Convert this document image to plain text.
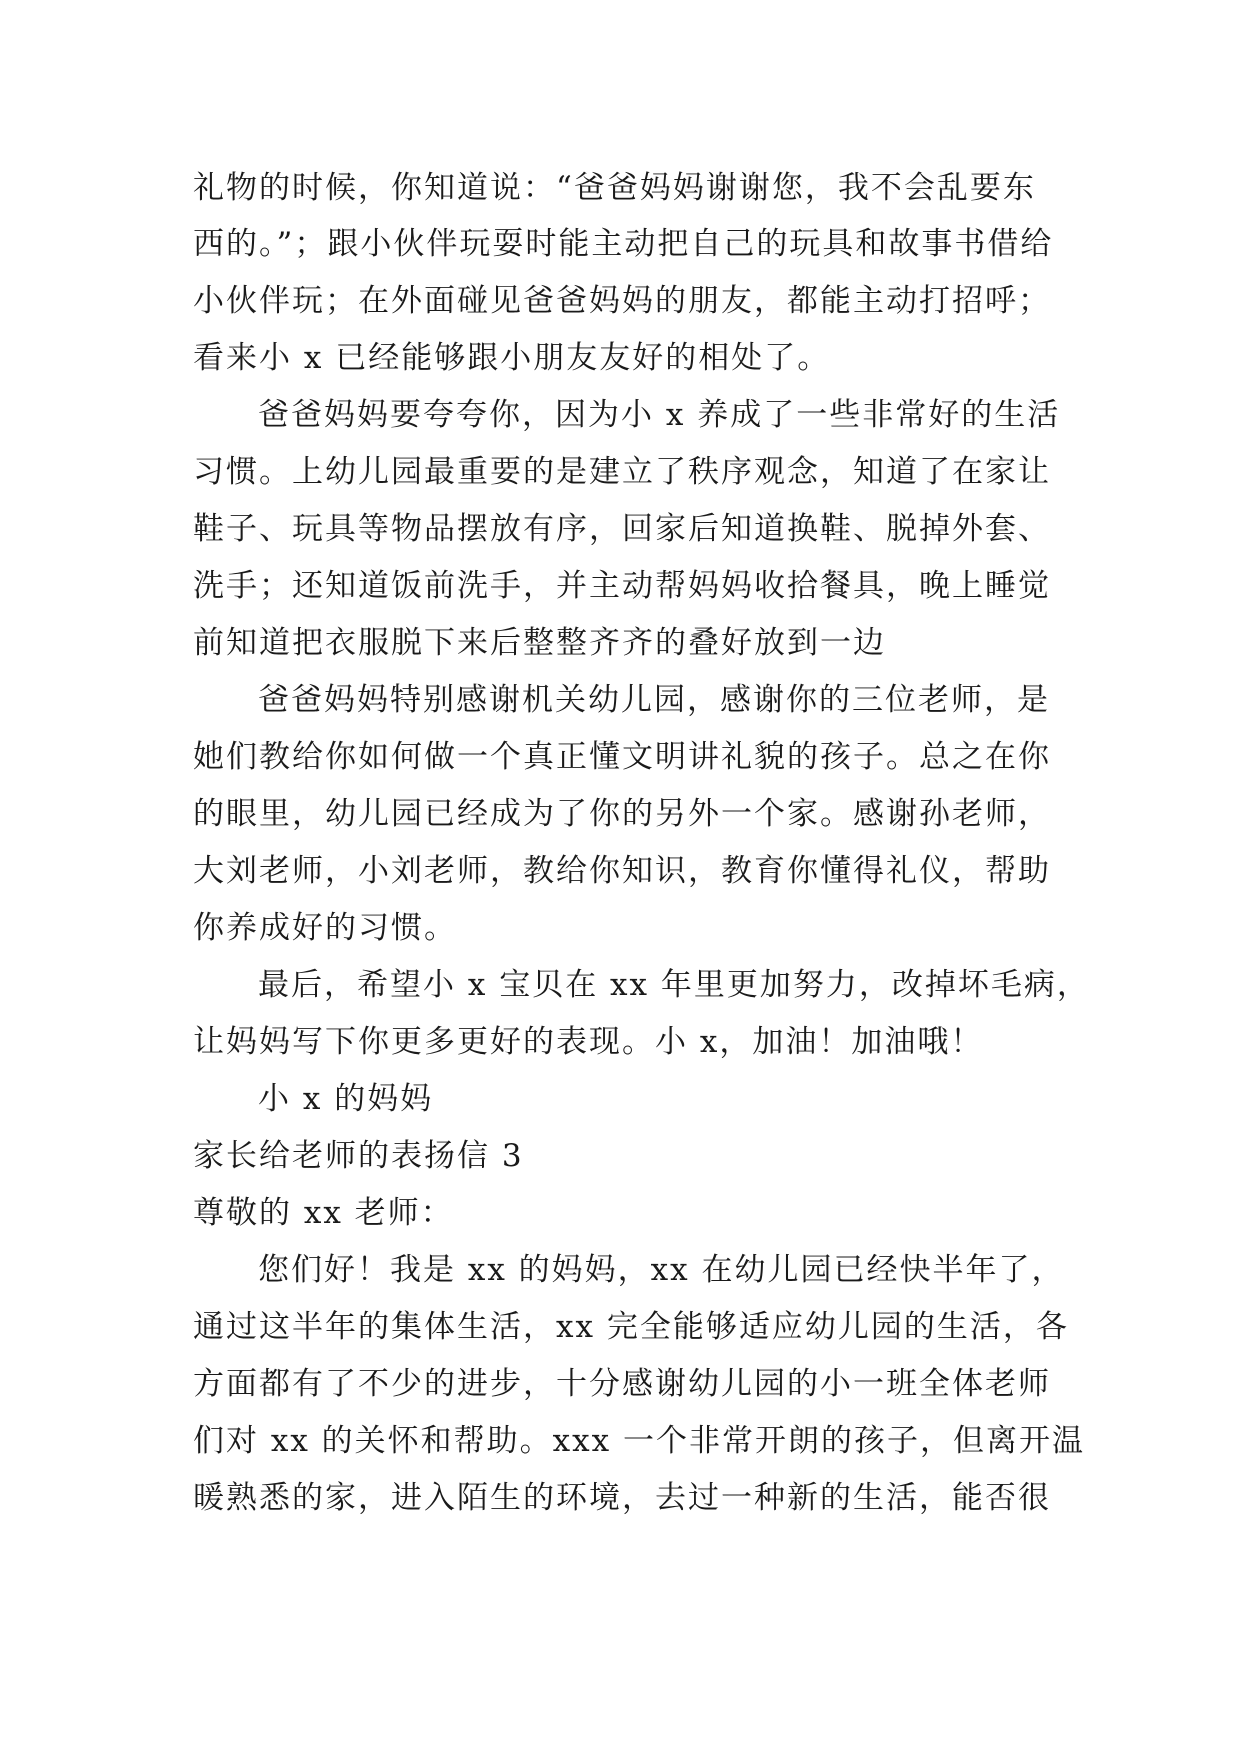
礼物的时候，你知道说：“爸爸妈妈谢谢您，我不会乱要东
西的。”；跟小伙伴玩耍时能主动把自己的玩具和故事书借给
小伙伴玩；在外面碰见爸爸妈妈的朋友，都能主动打招呼；
看来小 x 已经能够跟小朋友友好的相处了。
爸爸妈妈要夸夸你，因为小 x 养成了一些非常好的生活
习惯。上幼儿园最重要的是建立了秩序观念，知道了在家让
鞋子、玩具等物品摆放有序，回家后知道换鞋、脱掉外套、
洗手；还知道饭前洗手，并主动帮妈妈收拾餐具，晚上睡觉
前知道把衣服脱下来后整整齐齐的叠好放到一边
爸爸妈妈特别感谢机关幼儿园，感谢你的三位老师，是
她们教给你如何做一个真正懂文明讲礼貌的孩子。总之在你
的眼里，幼儿园已经成为了你的另外一个家。感谢孙老师，
大刘老师，小刘老师，教给你知识，教育你懂得礼仪，帮助
你养成好的习惯。
最后，希望小 x 宝贝在 xx 年里更加努力，改掉坏毛病，
让妈妈写下你更多更好的表现。小 x，加油！加油哦！
小 x 的妈妈
家长给老师的表扬信 3
尊敬的 xx 老师：
您们好！我是 xx 的妈妈，xx 在幼儿园已经快半年了，
通过这半年的集体生活，xx 完全能够适应幼儿园的生活，各
方面都有了不少的进步，十分感谢幼儿园的小一班全体老师
们对 xx 的关怀和帮助。xxx 一个非常开朗的孩子，但离开温
暖熟悉的家，进入陌生的环境，去过一种新的生活，能否很
